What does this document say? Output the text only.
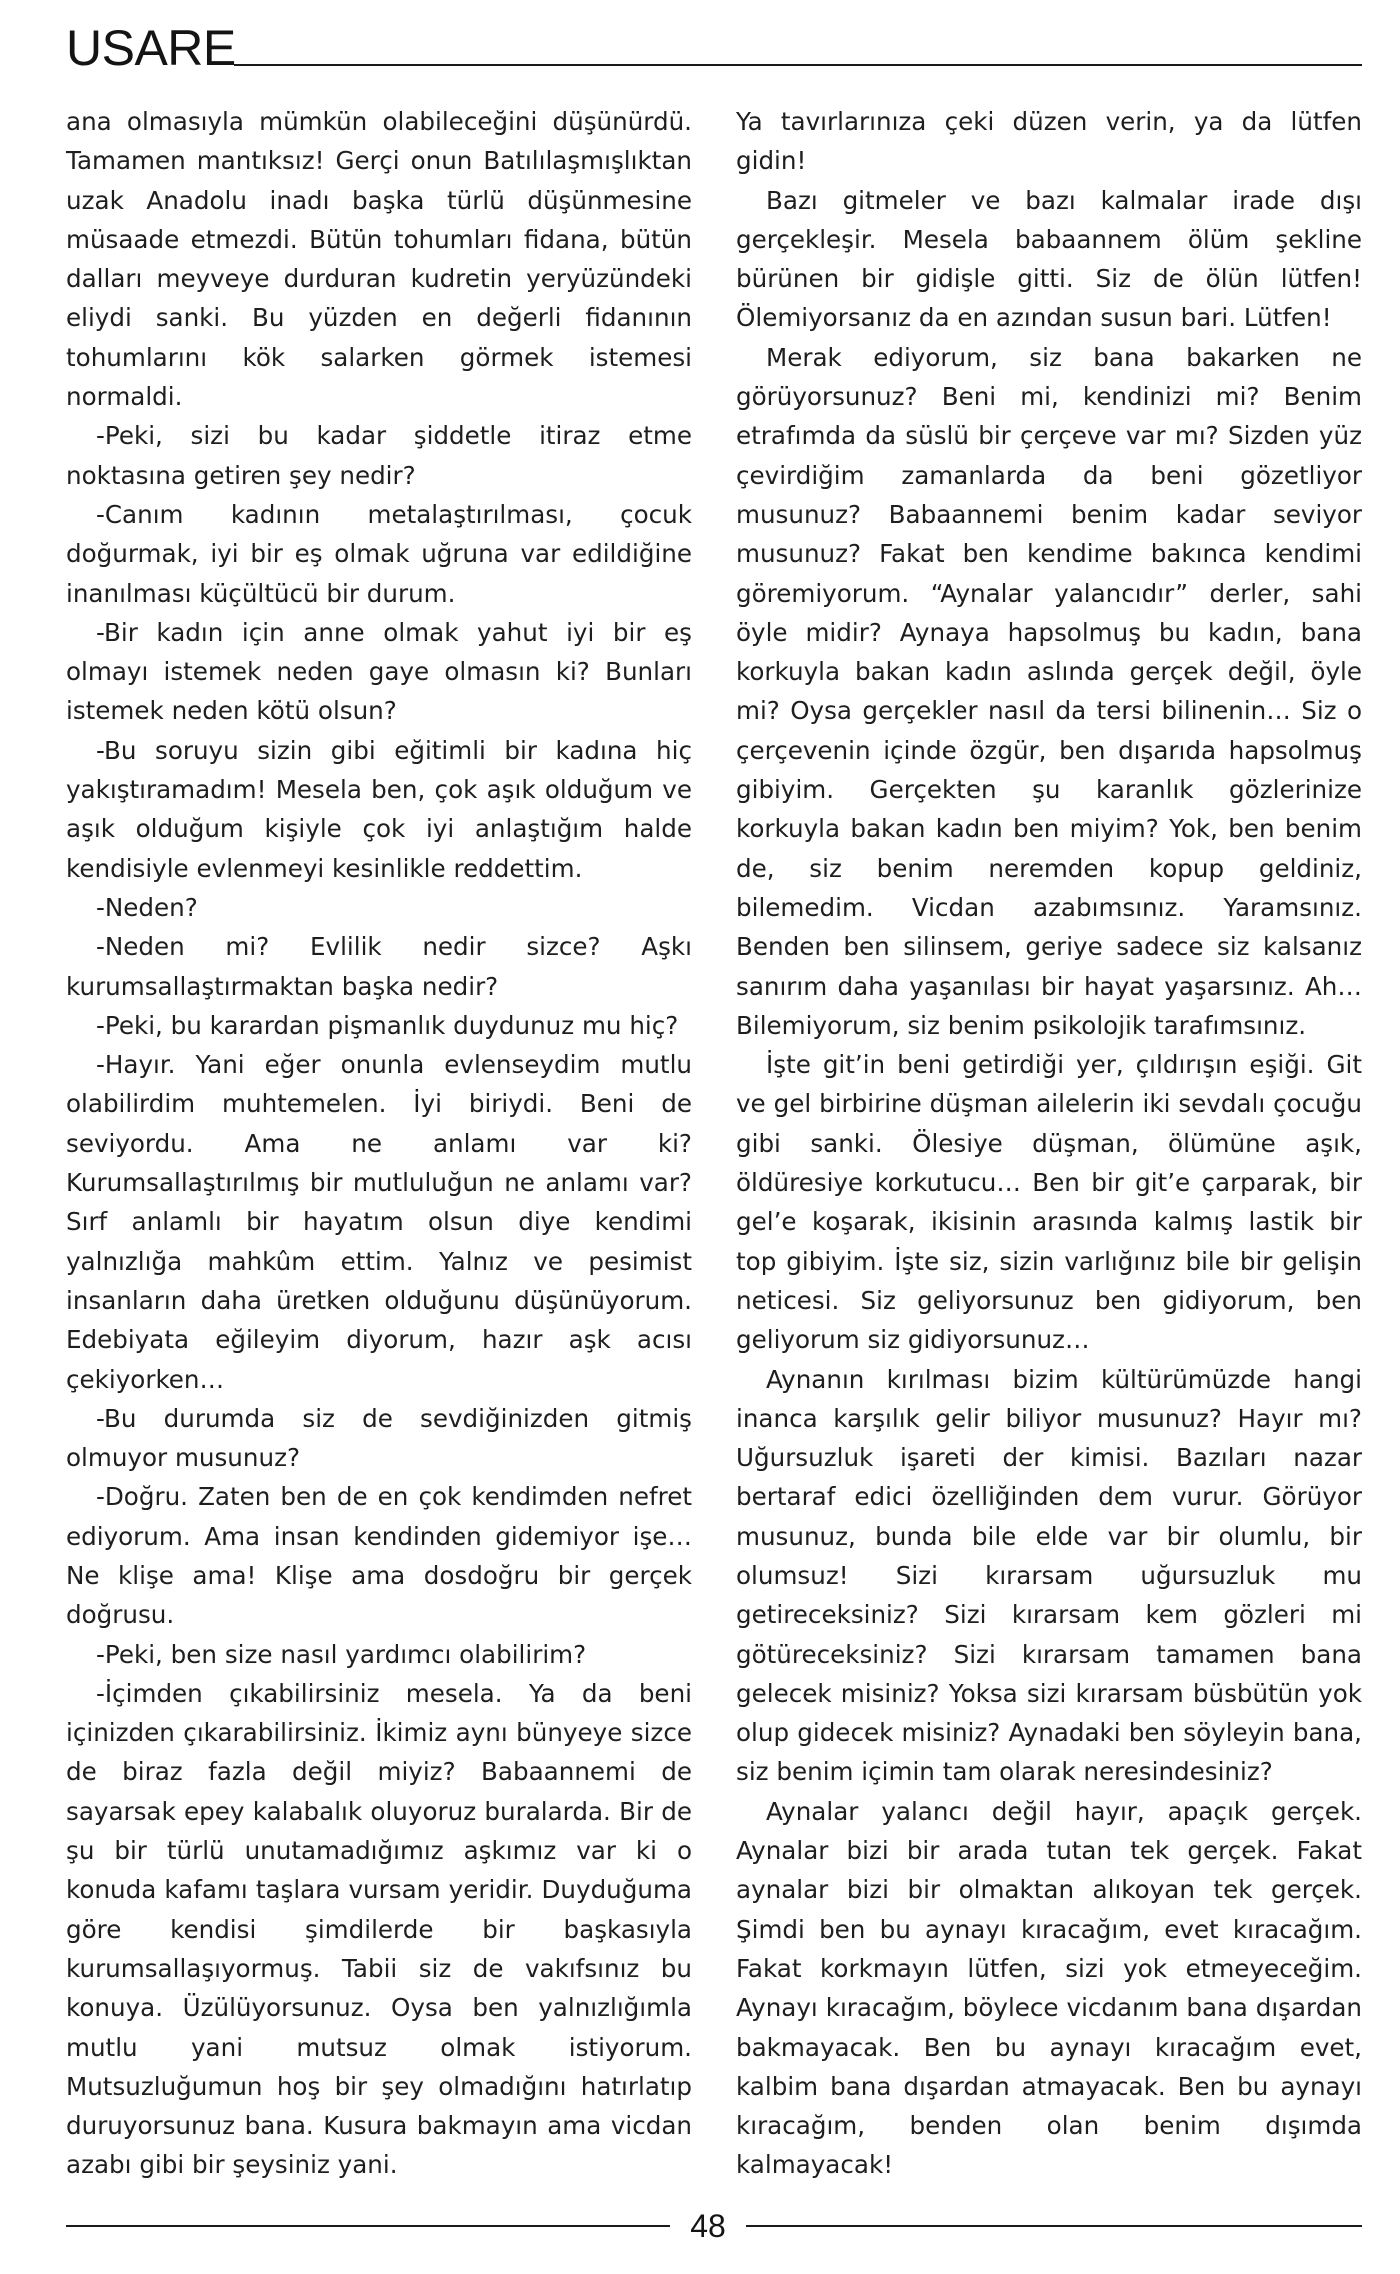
USARE

ana olmasıyla mümkün olabileceğini düşünürdü. Tamamen mantıksız! Gerçi onun Batılılaşmışlıktan uzak Anadolu inadı başka türlü düşünmesine müsaade etmezdi. Bütün tohumları fidana, bütün dalları meyveye durduran kudretin yeryüzündeki eliydi sanki. Bu yüzden en değerli fidanının tohumlarını kök salarken görmek istemesi normaldi.

-Peki, sizi bu kadar şiddetle itiraz etme noktasına getiren şey nedir?

-Canım kadının metalaştırılması, çocuk doğurmak, iyi bir eş olmak uğruna var edildiğine inanılması küçültücü bir durum.

-Bir kadın için anne olmak yahut iyi bir eş olmayı istemek neden gaye olmasın ki? Bunları istemek neden kötü olsun?

-Bu soruyu sizin gibi eğitimli bir kadına hiç yakıştıramadım! Mesela ben, çok aşık olduğum ve aşık olduğum kişiyle çok iyi anlaştığım halde kendisiyle evlenmeyi kesinlikle reddettim.

-Neden?

-Neden mi? Evlilik nedir sizce? Aşkı kurumsallaştırmaktan başka nedir?

-Peki, bu karardan pişmanlık duydunuz mu hiç?

-Hayır. Yani eğer onunla evlenseydim mutlu olabilirdim muhtemelen. İyi biriydi. Beni de seviyordu. Ama ne anlamı var ki? Kurumsallaştırılmış bir mutluluğun ne anlamı var? Sırf anlamlı bir hayatım olsun diye kendimi yalnızlığa mahkûm ettim. Yalnız ve pesimist insanların daha üretken olduğunu düşünüyorum. Edebiyata eğileyim diyorum, hazır aşk acısı çekiyorken…

-Bu durumda siz de sevdiğinizden gitmiş olmuyor musunuz?

-Doğru. Zaten ben de en çok kendimden nefret ediyorum. Ama insan kendinden gidemiyor işe… Ne klişe ama! Klişe ama dosdoğru bir gerçek doğrusu.

-Peki, ben size nasıl yardımcı olabilirim?

-İçimden çıkabilirsiniz mesela. Ya da beni içinizden çıkarabilirsiniz. İkimiz aynı bünyeye sizce de biraz fazla değil miyiz? Babaannemi de sayarsak epey kalabalık oluyoruz buralarda. Bir de şu bir türlü unutamadığımız aşkımız var ki o konuda kafamı taşlara vursam yeridir. Duyduğuma göre kendisi şimdilerde bir başkasıyla kurumsallaşıyormuş. Tabii siz de vakıfsınız bu konuya. Üzülüyorsunuz. Oysa ben yalnızlığımla mutlu yani mutsuz olmak istiyorum. Mutsuzluğumun hoş bir şey olmadığını hatırlatıp duruyorsunuz bana. Kusura bakmayın ama vicdan azabı gibi bir şeysiniz yani.

Ya tavırlarınıza çeki düzen verin, ya da lütfen gidin!

Bazı gitmeler ve bazı kalmalar irade dışı gerçekleşir. Mesela babaannem ölüm şekline bürünen bir gidişle gitti. Siz de ölün lütfen! Ölemiyorsanız da en azından susun bari. Lütfen!

Merak ediyorum, siz bana bakarken ne görüyorsunuz? Beni mi, kendinizi mi? Benim etrafımda da süslü bir çerçeve var mı? Sizden yüz çevirdiğim zamanlarda da beni gözetliyor musunuz? Babaannemi benim kadar seviyor musunuz? Fakat ben kendime bakınca kendimi göremiyorum. “Aynalar yalancıdır” derler, sahi öyle midir? Aynaya hapsolmuş bu kadın, bana korkuyla bakan kadın aslında gerçek değil, öyle mi? Oysa gerçekler nasıl da tersi bilinenin… Siz o çerçevenin içinde özgür, ben dışarıda hapsolmuş gibiyim. Gerçekten şu karanlık gözlerinize korkuyla bakan kadın ben miyim? Yok, ben benim de, siz benim neremden kopup geldiniz, bilemedim. Vicdan azabımsınız. Yaramsınız. Benden ben silinsem, geriye sadece siz kalsanız sanırım daha yaşanılası bir hayat yaşarsınız. Ah… Bilemiyorum, siz benim psikolojik tarafımsınız.

İşte git’in beni getirdiği yer, çıldırışın eşiği. Git ve gel birbirine düşman ailelerin iki sevdalı çocuğu gibi sanki. Ölesiye düşman, ölümüne aşık, öldüresiye korkutucu… Ben bir git’e çarparak, bir gel’e koşarak, ikisinin arasında kalmış lastik bir top gibiyim. İşte siz, sizin varlığınız bile bir gelişin neticesi. Siz geliyorsunuz ben gidiyorum, ben geliyorum siz gidiyorsunuz…

Aynanın kırılması bizim kültürümüzde hangi inanca karşılık gelir biliyor musunuz? Hayır mı? Uğursuzluk işareti der kimisi. Bazıları nazar bertaraf edici özelliğinden dem vurur. Görüyor musunuz, bunda bile elde var bir olumlu, bir olumsuz! Sizi kırarsam uğursuzluk mu getireceksiniz? Sizi kırarsam kem gözleri mi götüreceksiniz? Sizi kırarsam tamamen bana gelecek misiniz? Yoksa sizi kırarsam büsbütün yok olup gidecek misiniz? Aynadaki ben söyleyin bana, siz benim içimin tam olarak neresindesiniz?

Aynalar yalancı değil hayır, apaçık gerçek. Aynalar bizi bir arada tutan tek gerçek. Fakat aynalar bizi bir olmaktan alıkoyan tek gerçek. Şimdi ben bu aynayı kıracağım, evet kıracağım. Fakat korkmayın lütfen, sizi yok etmeyeceğim. Aynayı kıracağım, böylece vicdanım bana dışardan bakmayacak. Ben bu aynayı kıracağım evet, kalbim bana dışardan atmayacak. Ben bu aynayı kıracağım, benden olan benim dışımda kalmayacak!

48
